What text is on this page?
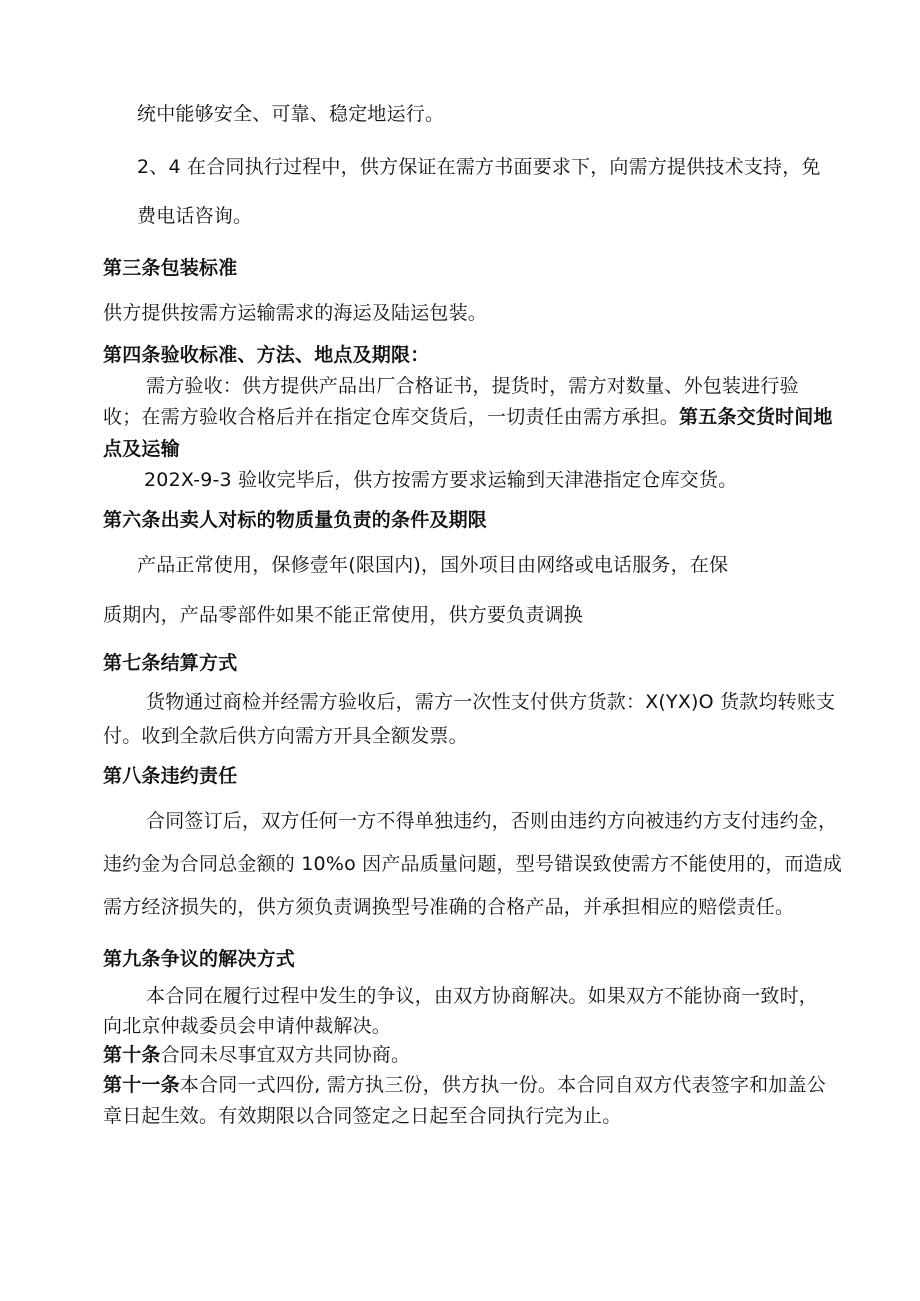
统中能够安全、可靠、稳定地运行。
2、4 在合同执行过程中，供方保证在需方书面要求下，向需方提供技术支持，免
费电话咨询。
第三条包装标准
供方提供按需方运输需求的海运及陆运包装。
第四条验收标准、方法、地点及期限：
需方验收：供方提供产品出厂合格证书，提货时，需方对数量、外包装进行验
收；在需方验收合格后并在指定仓库交货后，一切责任由需方承担。第五条交货时间地
点及运输
202X-9-3 验收完毕后，供方按需方要求运输到天津港指定仓库交货。
第六条出卖人对标的物质量负责的条件及期限
产品正常使用，保修壹年(限国内)，国外项目由网络或电话服务，在保
质期内，产品零部件如果不能正常使用，供方要负责调换
第七条结算方式
货物通过商检并经需方验收后，需方一次性支付供方货款：X(YX)O 货款均转账支
付。收到全款后供方向需方开具全额发票。
第八条违约责任
合同签订后，双方任何一方不得单独违约，否则由违约方向被违约方支付违约金，
违约金为合同总金额的 10%o 因产品质量问题，型号错误致使需方不能使用的，而造成
需方经济损失的，供方须负责调换型号准确的合格产品，并承担相应的赔偿责任。
第九条争议的解决方式
本合同在履行过程中发生的争议，由双方协商解决。如果双方不能协商一致时，
向北京仲裁委员会申请仲裁解决。
第十条合同未尽事宜双方共同协商。
第十一条本合同一式四份, 需方执三份，供方执一份。本合同自双方代表签字和加盖公
章日起生效。有效期限以合同签定之日起至合同执行完为止。
